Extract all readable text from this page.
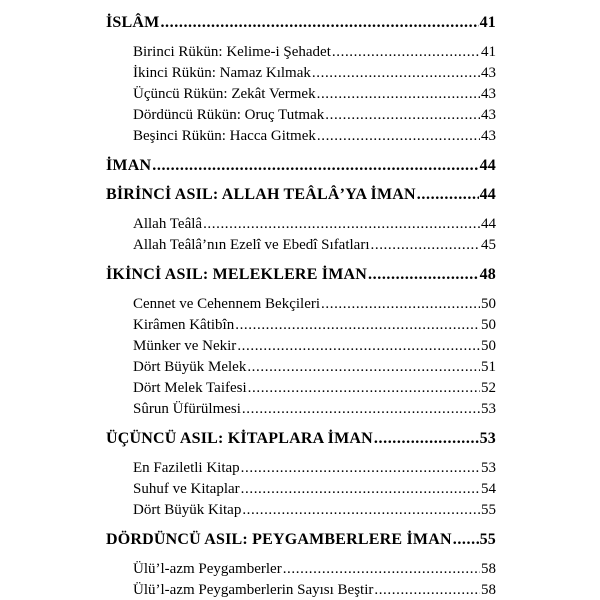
İSLÂM .....	41
Birinci Rükün: Kelime-i Şehadet .....	41
İkinci Rükün: Namaz Kılmak .....	43
Üçüncü Rükün: Zekât Vermek .....	43
Dördüncü Rükün: Oruç Tutmak .....	43
Beşinci Rükün: Hacca Gitmek .....	43
İMAN .....	44
BİRİNCİ ASIL: ALLAH TEÂLÂ’YA İMAN .....	44
Allah Teâlâ .....	44
Allah Teâlâ’nın Ezelî ve Ebedî Sıfatları .....	45
İKİNCİ ASIL: MELEKLERE İMAN .....	48
Cennet ve Cehennem Bekçileri .....	50
Kirâmen Kâtibîn .....	50
Münker ve Nekir .....	50
Dört Büyük Melek .....	51
Dört Melek Taifesi .....	52
Sûrun Üfürülmesi .....	53
ÜÇÜNCÜ ASIL: KİTAPLARA İMAN .....	53
En Faziletli Kitap .....	53
Suhuf ve Kitaplar .....	54
Dört Büyük Kitap .....	55
DÖRDÜNCÜ ASIL: PEYGAMBERLERE İMAN ..... 55
Ülü’l-azm Peygamberler .....	58
Ülü’l-azm Peygamberlerin Sayısı Beştir .....	58
